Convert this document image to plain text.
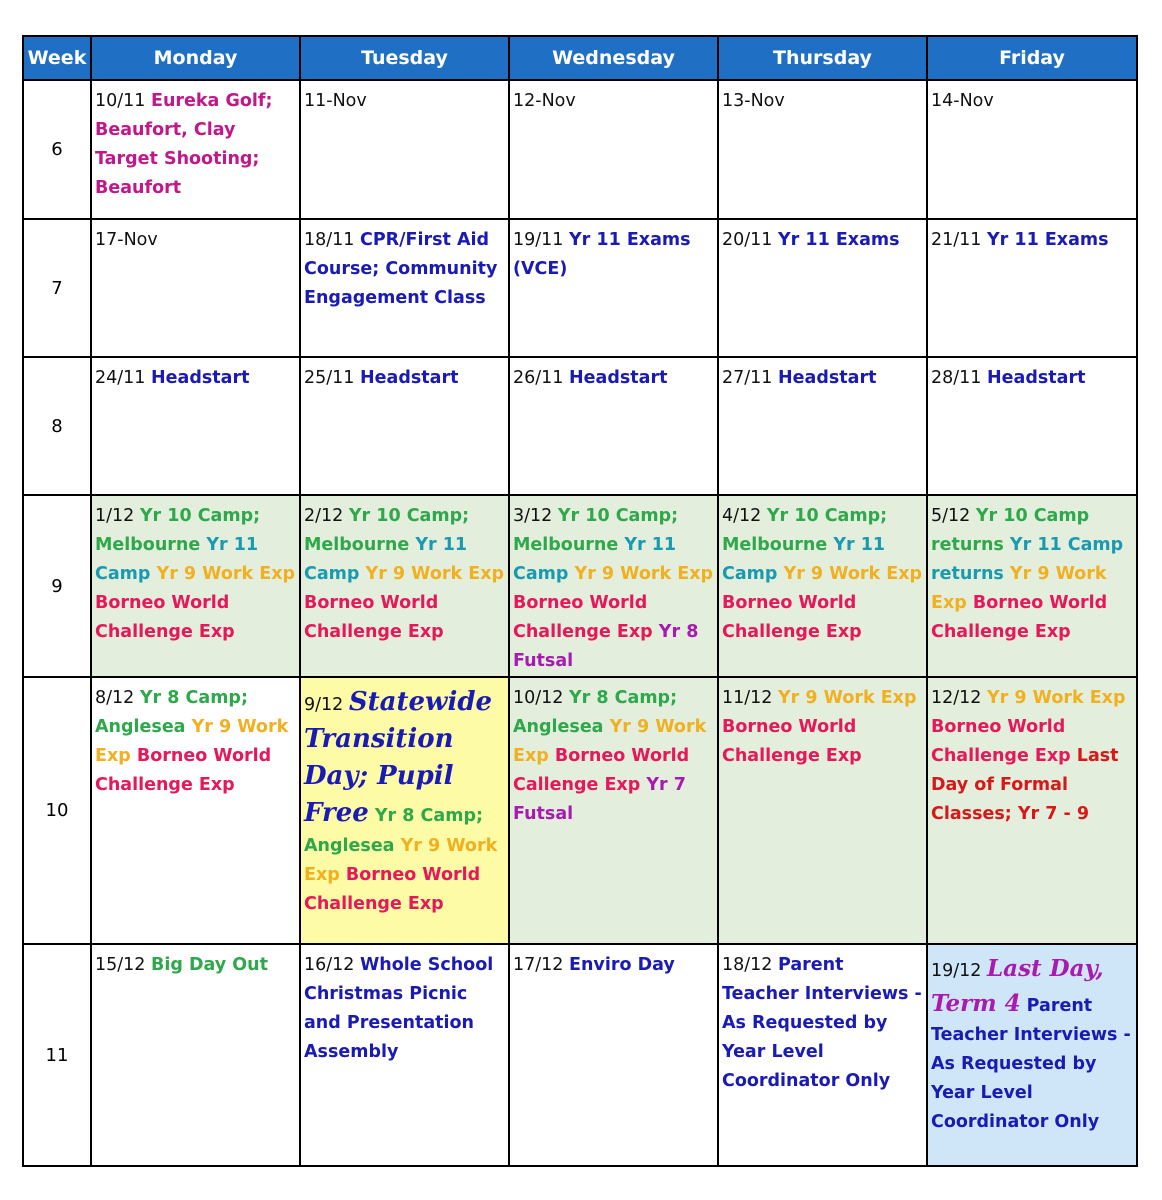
Week	Monday	Tuesday	Wednesday	Thursday	Friday
6	10/11 Eureka Golf; Beaufort, Clay Target Shooting; Beaufort	11-Nov	12-Nov	13-Nov	14-Nov
7	17-Nov	18/11 CPR/First Aid Course; Community Engagement Class	19/11 Yr 11 Exams (VCE)	20/11 Yr 11 Exams	21/11 Yr 11 Exams
8	24/11 Headstart	25/11 Headstart	26/11 Headstart	27/11 Headstart	28/11 Headstart
9	1/12 Yr 10 Camp; Melbourne Yr 11 Camp Yr 9 Work Exp Borneo World Challenge Exp	2/12 Yr 10 Camp; Melbourne Yr 11 Camp Yr 9 Work Exp Borneo World Challenge Exp	3/12 Yr 10 Camp; Melbourne Yr 11 Camp Yr 9 Work Exp Borneo World Challenge Exp Yr 8 Futsal	4/12 Yr 10 Camp; Melbourne Yr 11 Camp Yr 9 Work Exp Borneo World Challenge Exp	5/12 Yr 10 Camp returns Yr 11 Camp returns Yr 9 Work Exp Borneo World Challenge Exp
10	8/12 Yr 8 Camp; Anglesea Yr 9 Work Exp Borneo World Challenge Exp	9/12 Statewide Transition Day; Pupil Free Yr 8 Camp; Anglesea Yr 9 Work Exp Borneo World Challenge Exp	10/12 Yr 8 Camp; Anglesea Yr 9 Work Exp Borneo World Callenge Exp Yr 7 Futsal	11/12 Yr 9 Work Exp Borneo World Challenge Exp	12/12 Yr 9 Work Exp Borneo World Challenge Exp Last Day of Formal Classes; Yr 7 - 9
11	15/12 Big Day Out	16/12 Whole School Christmas Picnic and Presentation Assembly	17/12 Enviro Day	18/12 Parent Teacher Interviews - As Requested by Year Level Coordinator Only	19/12 Last Day, Term 4 Parent Teacher Interviews - As Requested by Year Level Coordinator Only
